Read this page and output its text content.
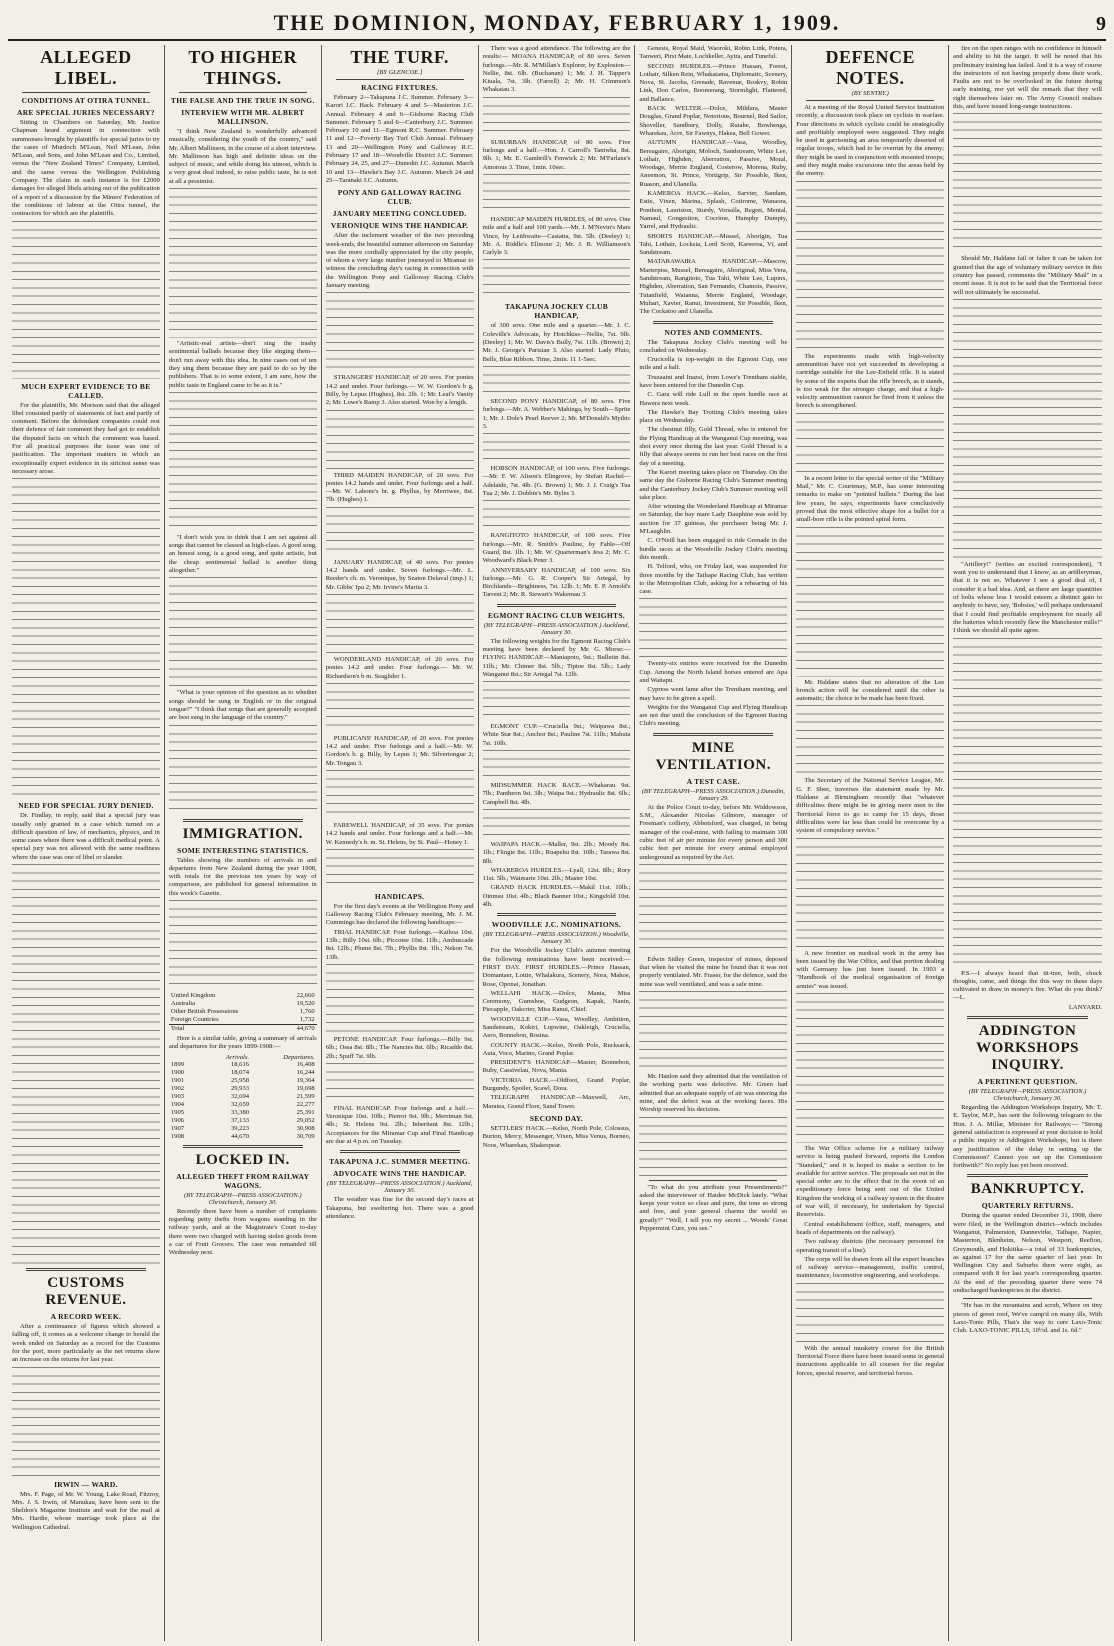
THE DOMINION, MONDAY, FEBRUARY 1, 1909.	9
ALLEGED LIBEL.
CONDITIONS AT OTIRA TUNNEL.
ARE SPECIAL JURIES NECESSARY?

Sitting in Chambers on Saturday, Mr. Justice Chapman heard argument in connection with summonses brought by plaintiffs for special juries to try the cases of Murdoch M'Lean, Neil M'Lean, John M'Lean, and Sons, and John M'Lean and Co., Limited, versus the "New Zealand Times" Company, Limited, and the same versus the Wellington Publishing Company. The claim in each instance is for £2000 damages for alleged libels arising out of the publication of a report of a discussion by the Miners' Federation of the conditions of labour at the Otira tunnel, the contractors for which are the plaintiffs.

MUCH EXPERT EVIDENCE TO BE CALLED.

For the plaintiffs, Mr. Morison said that the alleged libel consisted partly of statements of fact and partly of comment. Before the defendant companies could rest their defence of fair comment they had got to establish the disputed facts on which the comment was based. For all practical purposes the issue was one of justification. The important matters in which an exceptionally expert evidence in its strictest sense was necessary arose.

NEED FOR SPECIAL JURY DENIED.

Dr. Findlay, in reply, said that a special jury was usually only granted in a case which turned on a difficult question of law, of mechanics, physics, and in some cases where there was a difficult medical point. A special jury was not allowed with the same readiness where the case was one of libel or slander.

CUSTOMS REVENUE.
A RECORD WEEK.

After a continuance of figures which showed a falling off, it comes as a welcome change to herald the week ended on Saturday as a record for the Customs for the port, more particularly as the net returns show an increase on the returns for last year.

IRWIN — WARD.

Mrs. F. Page, of Mr. W. Young, Lake Road, Fitzroy, Mrs. J. S. Irwin, of Manukau, have been sent to the Sheldon's Magazine Institute and wait for the mail at Mrs. Hardie, whose marriage took place at the Wellington Cathedral.

TO HIGHER THINGS.
THE FALSE AND THE TRUE IN SONG.
INTERVIEW WITH MR. ALBERT MALLINSON.

"I think New Zealand is wonderfully advanced musically, considering the youth of the country," said Mr. Albert Mallinson, in the course of a short interview. Mr. Mallinson has high and definite ideas on the subject of music, and while doing his utmost, which is a very great deal indeed, to raise public taste, he is not at all a pessimist.

"Artistic-real artists—don't sing the trashy sentimental ballads because they like singing them—don't run away with this idea. In nine cases out of ten they sing them because they are paid to do so by the publishers. That is to some extent, I am sure, how the public taste in England came to be as it is."

"I don't wish you to think that I am set against all songs that cannot be classed as high-class. A good song, an honest song, is a good song, and quite artistic, but the cheap sentimental ballad is another thing altogether."

"What is your opinion of the question as to whether songs should be sung in English or in the original tongue?" "I think that songs that are generally accepted are best sung in the language of the country."

IMMIGRATION.
SOME INTERESTING STATISTICS.

Tables showing the numbers of arrivals in and departures from New Zealand during the year 1908, with totals for the previous ten years by way of comparison, are published for general information in this week's Gazette.

United Kingdom	22,660
Australia	19,520
Other British Possessions	1,760
Foreign Countries	1,732
Total	44,670

Here is a similar table, giving a summary of arrivals and departures for the years 1899-1908:—

	Arrivals.	Departures.
1899	18,616	16,408
1900	18,074	16,244
1901	25,958	19,364
1902	29,933	19,698
1903	32,694	21,599
1904	32,659	22,277
1905	33,380	25,391
1906	37,133	29,052
1907	39,223	30,908
1908	44,670	30,709
LOCKED IN.
ALLEGED THEFT FROM RAILWAY WAGONS.
(BY TELEGRAPH—PRESS ASSOCIATION.) Christchurch, January 30.

Recently there have been a number of complaints regarding petty thefts from wagons standing in the railway yards, and at the Magistrate's Court to-day there were two charged with having stolen goods from a car of Fruit Grocers. The case was remanded till Wednesday next.

THE TURF.
[BY GLENCOE.]
RACING FIXTURES.

February 2—Takapuna J.C. Summer. February 3—Karori J.C. Hack. February 4 and 5—Masterton J.C. Annual. February 4 and 6—Gisborne Racing Club Summer. February 5 and 6—Canterbury J.C. Summer. February 10 and 11—Egmont R.C. Summer. February 11 and 12—Foverty Bay Turf Club Annual. February 13 and 20—Wellington Pony and Galloway R.C. February 17 and 18—Woodville District J.C. Summer. February 24, 25, and 27—Dunedin J.C. Autumn. March 10 and 13—Hawke's Bay J.C. Autumn. March 24 and 25—Taranaki J.C. Autumn.

PONY AND GALLOWAY RACING CLUB.
JANUARY MEETING CONCLUDED.
VERONIQUE WINS THE HANDICAP.

After the inclement weather of the two preceding week-ends, the beautiful summer afternoon on Saturday was the more cordially appreciated by the city people, of whom a very large number journeyed to Miramar to witness the concluding day's racing in connection with the Wellington Pony and Galloway Racing Club's January meeting.

STRANGERS' HANDICAP, of 20 sovs. For ponies 14.2 and under. Four furlongs.— W. W. Gordon's b g, Billy, by Lepus (Hughes), 8st. 2lb. 1; Mr. Leaf's Vanity 2; Mr. Lowe's Ramp 3. Also started. Won by a length.

THIRD MAIDEN HANDICAP, of 20 sovs. For ponies 14.2 hands and under. Four furlongs and a half.—Mr. W. Labone's br. g. Phyllus, by Merriwee, 8st. 7lb. (Hughes) 1.

JANUARY HANDICAP, of 40 sovs. For ponies 14.2 hands and under. Seven furlongs.—Mr. L. Reeder's ch. m. Veronique, by Seaton Delaval (imp.) 1; Mr. Gibbs' Ipu 2; Mr. Irvine's Marita 3.

WONDERLAND HANDICAP, of 20 sovs. For ponies 14.2 and under. Four furlongs.— Mr. W. Richardson's b m. Seaglider 1.

PUBLICANS' HANDICAP, of 20 sovs. For ponies 14.2 and under. Five furlongs and a half.—Mr. W. Gordon's b. g. Billy, by Lepus 1; Mr. Silvertongue 2; Mr. Tongau 3.

FAREWELL HANDICAP, of 35 sovs. For ponies 14.2 hands and under. Four furlongs and a half.—Mr. W. Kennedy's b. m. St. Helens, by St. Paul—Honey 1.

HANDICAPS.

For the first day's events at the Wellington Pony and Galloway Racing Club's February meeting, Mr. J. M. Cummings has declared the following handicaps:—

TRIAL HANDICAP. Four furlongs.—Kaihoa 10st. 13lb.; Billy 10st. 6lb.; Piccotee 10st. 11lb.; Ambuscade 8st. 12lb.; Plume 8st. 7lb.; Phyllis 8st. 1lb.; Nekon 7st. 13lb.

PETONE HANDICAP. Four furlongs.—Billy 9st. 6lb.; Ossa 8st. 8lb.; The Nancies 8st. 6lb.; Ricaddo 8st. 2lb.; Spuff 7st. 9lb.

FINAL HANDICAP. Four furlongs and a half.—Veronique 10st. 10lb.; Pierrot 9st. 9lb.; Merriman 9st. 4lb.; St. Helens 9st. 2lb.; Inheritant 8st. 12lb.; Acceptances for the Miramar Cup and Final Handicap are due at 4 p.m. on Tuesday.

TAKAPUNA J.C. SUMMER MEETING.
ADVOCATE WINS THE HANDICAP.
(BY TELEGRAPH—PRESS ASSOCIATION.) Auckland, January 30.

The weather was fine for the second day's races at Takapuna, but sweltering hot. There was a good attendance.

There was a good attendance. The following are the results:— MOANA HANDICAP, of 80 sovs. Seven furlongs.—Mr. R. M'Millan's Explorer, by Explosion—Nellie, 8st. 6lb. (Buchanan) 1; Mr. J. H. Tapper's Kiuala, 7st. 3lb. (Farrell) 2; Mr. H. Crimmon's Whakatau 3.

SUBURBAN HANDICAP, of 80 sovs. Five furlongs and a half.—Hon. J. Carroll's Taniwha, 8st. 9lb. 1; Mr. E. Gambrill's Fenwick 2; Mr. M'Farlane's Amorous 3. Time, 1min. 10sec.

HANDICAP MAIDEN HURDLES, of 80 sovs. One mile and a half and 100 yards.—Mr. J. M'Nevin's Mars Vince, by Leithwaite—Castatta, 9st. 5lb. (Deeley) 1; Mr. A. Riddle's Ellmour 2; Mr. J. B. Williamson's Carlyle 3.

TAKAPUNA JOCKEY CLUB HANDICAP,

of 300 sovs. One mile and a quarter.—Mr. J. C. Coleville's Advocate, by Hotchkiss—Nellie, 7st. 9lb. (Deeley) 1; Mr. W. Davis's Bully, 7st. 11lb. (Brown) 2; Mr. J. George's Parisian 3. Also started: Lady Pluto, Bells, Blue Ribbon. Time, 2min. 11 1-5sec.

SECOND PONY HANDICAP, of 80 sovs. Five furlongs.—Mr. A. Webber's Mahinga, by South—Sprite 1; Mr. J. Dole's Pearl Reever 2; Mr. M'Donald's Mythic 3.

HOBSON HANDICAP, of 100 sovs. Five furlongs.—Mr. F. W. Alison's Elingrove, by Stefan Rachel—Adelaide, 7st. 4lb. (G. Brown) 1; Mr. J. J. Craig's Tua Tua 2; Mr. J. Dobbin's Mr. Byles 3.

RANGITOTO HANDICAP, of 100 sovs. Five furlongs.—Mr. R. Smith's Pauline, by Fable—Off Guard, 8st. 1lb. 1; Mr. W. Quarterman's Jess 2; Mr. C. Woodward's Black Peter 3.

ANNIVERSARY HANDICAP, of 100 sovs. Six furlongs.—Mr. G. R. Cooper's Sir Artegal, by Birchlands—Brightness, 7st. 12lb. 1; Mr. E. P. Arnold's Tarrent 2; Mr. R. Stewart's Wakemau 3.

EGMONT RACING CLUB WEIGHTS.
(BY TELEGRAPH—PRESS ASSOCIATION.) Auckland, January 30.

The following weights for the Egmont Racing Club's meeting have been declared by Mr. G. Morse:— FLYING HANDICAP.—Maniapoto, 9st.; Bulletin 8st. 11lb.; Mr. Chimer 8st. 5lb.; Tiptoe 8st. 5lb.; Lady Wanganui 8st.; Sir Artegal 7st. 12lb.

EGMONT CUP.—Cruciella 9st.; Waipawa 8st.; White Star 8st.; Anchor 8st.; Pauline 7st. 11lb.; Mahuta 7st. 10lb.

MIDSUMMER HACK RACE.—Whakarau 9st. 7lb.; Pantheon 9st. 3lb.; Waipa 9st.; Hydraulic 8st. 6lb.; Campbell 8st. 4lb.

WAIPAPA HACK.—Maller, 9st. 2lb.; Moody 8st. 1lb.; Flingie 8st. 11lb.; Ruapehu 8st. 10lb.; Tarawa 8st. 8lb.

WHAREROA HURDLES.—Lyall, 12st. 8lb.; Rory 11st. 5lb.; Waimarie 10st. 2lb.; Master 10st.

GRAND HACK HURDLES.—Makil 11st. 10lb.; Oinmsu 10st. 4lb.; Black Banner 10st.; Kingsfold 10st. 4lb.

WOODVILLE J.C. NOMINATIONS.
(BY TELEGRAPH—PRESS ASSOCIATION.) Woodville, January 30.

For the Woodville Jockey Club's autumn meeting the following nominations have been received:— FIRST DAY. FIRST HURDLES.—Prince Hassan, Domantaer, Lottie, Whalakura, Scenery, Nora, Mahoe, Rose, Oponai, Jonathan.

WELLAHI HACK.—Dolce, Mania, Miss Ceremony, Gumshoe, Gudgeon, Kapak, Nanin, Piecapple, Oakcrier, Miss Ranui, Chief.

WOODVILLE CUP.—Vasa, Woodley, Ambition, Sandstream, Kokiri, Lupwine, Oakleigh, Cruciella, Aero, Bonnebon, Rosina.

COUNTY HACK.—Kelso, North Pole, Rucksack, Auta, Voco, Marino, Grand Poplar.

PRESIDENT'S HANDICAP.—Master, Bonnebon, Ruby, Cassivelau, Nova, Mania.

VICTORIA HACK.—Oldfoot, Grand Poplar, Burgundy, Spoiler, Scawl, Dora.

TELEGRAPH HANDICAP.—Maxwell, Arc, Maratea, Grand Flore, Sand Tower.

SECOND DAY.

SETTLERS' HACK.—Kelso, North Pole, Colossus, Burton, Mercy, Messenger, Vixen, Miss Venus, Borneo, Noos, Wharekau, Shakespear.

Genesis, Royal Maid, Waoroki, Robin Link, Potera, Tanweri, Pirst Mate, Lochkeller, Ayira, and Tuneful.

SECOND HURDLES.—Prince Hassan, Forest, Lothair, Silken Rein, Whakatama, Diplomatic, Scenery, Nova, St. Jacoba, Grenade, Ravenue, Roskvy, Robin Link, Don Carlos, Boomerang, Stormlight, Flattered, and Ballance.

BACK WELTER.—Dolce, Mildura, Master Douglas, Grand Poplar, Notorious, Bournel, Red Sailor, Shoveller, Sandbury, Dolly, Ruiahe, Bowhenga, Wharekau, Acre, Sir Fawnys, Hakea, Bell Gower.

AUTUMN HANDICAP.—Vasa, Woodley, Bereagaire, Aborigin, Moloch, Sandstream, White Lee, Lothair, Highden, Aberration, Passive, Moral, Woodage, Merrie England, Costerow, Morena, Ruby, Aneemon, St. Prince, Vortigrip, Sir Possible, Iken, Ruason, and Ulanella.

KAMEROA HACK.—Kelso, Sarvier, Sandam, Estie, Vixen, Marina, Splash, Cotirome, Wanaora, Ponthon, Lauriston, Sturdy, Vorsalla, Regret, Mental, Namaul, Congestion, Cocrime, Humphy Dumpty, Yarrel, and Hydraulic.

SHORTS HANDICAP.—Mussel, Aborigin, Tua Tahi, Lothair, Locksia, Lord Scott, Kareeroa, Vi, and Sandstream.

MATARAWAIRA HANDICAP.—Mascow, Marterpiss, Mussel, Bereagaire, Aboriginal, Miss Vera, Sandstream, Rangitoto, Tua Tahi, White Lee, Lupinx, Highden, Aberration, San Fernando, Chamois, Passive, Tutanfield, Waianna, Merrie England, Woodage, Muhari, Xavier, Ranui, Investment, Sir Possible, Iken, The Cockatoo and Ulanella.

NOTES AND COMMENTS.

The Takapuna Jockey Club's meeting will be concluded on Wednesday.

Crucicella is top-weight in the Egmont Cup, one mile and a half.

Truzaaini and Inazsi, from Lowe's Trentham stable, have been entered for the Dunedin Cup.

C. Gara will ride Lull in the open hurdle race at Hawera next week.

The Hawke's Bay Trotting Club's meeting takes place on Wednesday.

The chestnut filly, Gold Thread, who is entered for the Flying Handicap at the Wanganui Cup meeting, was shot every once during the last year. Gold Thread is a filly that always seems to run her best races on the first day of a meeting.

The Karori meeting takes place on Thursday. On the same day the Gisborne Racing Club's Summer meeting and the Canterbury Jockey Club's Summer meeting will take place.

After winning the Wonderland Handicap at Miramar on Saturday, the bay mare Lady Dauphine was sold by auction for 37 guineas, the purchaser being Mr. J. M'Laughlin.

C. O'Neill has been engaged to ride Grenade in the hurdle races at the Woodville Jockey Club's meeting this month.

H. Telford, who, on Friday last, was suspended for three months by the Taihape Racing Club, has written to the Metropolitan Club, asking for a rehearing of his case.

Twenty-six entries were received for the Dunedin Cup. Among the North Island horses entered are Apa and Waitapu.

Cypress went lame after the Trentham meeting, and may have to be given a spell.

Weights for the Wanganui Cup and Flying Handicap are not due until the conclusion of the Egmont Racing Club's meeting.

MINE VENTILATION.
A TEST CASE.
(BY TELEGRAPH—PRESS ASSOCIATION.) Dunedin, January 29.

At the Police Court to-day, before Mr. Widdowson, S.M., Alexander Nicolas Gilmore, manager of Freeman's colliery, Abbotsford, was charged, in being manager of the coal-mine, with failing to maintain 100 cubic feet of air per minute for every person and 300 cubic feet per minute for every animal employed underground as required by the Act.

Edwin Sidley Green, inspector of mines, deposed that when he visited the mine he found that it was not properly ventilated. Mr. Fraser, for the defence, said the mine was well ventilated, and was a safe mine.

Mr. Hanlon said they admitted that the ventilation of the working parts was defective. Mr. Green had admitted that an adequate supply of air was entering the mine, and the defect was at the working faces. His Worship reserved his decision.

"To what do you attribute your Presentiments?" asked the interviewer of Haidee McDick lately. "What keeps your voice so clear and pure, the tone so strong and free, and your general charms the world so greatly?" "Well, I tell you my secret ... Woods' Great Peppermint Cure, you see."

DEFENCE NOTES.
(BY SENTRY.)

At a meeting of the Royal United Service Institution recently, a discussion took place on cyclists in warfare. Four directions in which cyclists could be strategically and profitably employed were suggested. They might be used in garrisoning an area temporarily deserted of regular troops, which had to be overrun by the enemy; they might be used in conjunction with mounted troops; and they might make excursions into the areas held by the enemy.

The experiments made with high-velocity ammunition have not yet succeeded in developing a cartridge suitable for the Lee-Enfield rifle. It is stated by some of the experts that the rifle breech, as it stands, is too weak for the stronger charge, and that a high-velocity ammunition cannot be fired from it unless the breech is strengthened.

In a recent letter to the special writer of the "Military Mail," Mr. C. Courtenay, M.P., has some interesting remarks to make on "pointed bullets." During the last few years, he says, experiments have conclusively proved that the most effective shape for a bullet for a small-bore rifle is the pointed spiral form.

Mr. Haldane states that no alteration of the Lee bronch action will be considered until the other is automatic; the choice to be made has been fixed.

The Secretary of the National Service League, Mr. G. F. Shee, traverses the statement made by Mr. Haldane at Birmingham recently that "whatever difficulties there might be in giving more men to the Territorial force to go to camp for 15 days, those difficulties were far less than could be overcome by a system of compulsory service."

A new frontier on medical work in the army has been issued by the War Office, and that portion dealing with Germany has just been issued. In 1903 a "Handbook of the medical organisation of foreign armies" was issued.

The War Office scheme for a military railway service is being pushed forward, reports the London "Standard," and it is hoped to make a section to be available for active service. The proposals set out in the special order are to the effect that in the event of an expeditionary force being sent out of the United Kingdom the working of a railway system in the theatre of war will, if necessary, be undertaken by Special Reservists.

Central establishment (office, staff, managers, and heads of departments on the railway).

Two railway districts (the necessary personnel for operating transit of a line).

The corps will be drawn from all the expert branches of railway service—management, traffic control, maintenance, locomotive engineering, and workshops.

With the annual musketry course for the British Territorial Force there have been issued some in general instructions applicable to all courses for the regular forces, special reserve, and territorial forces.

fire on the open ranges with no confidence in himself and ability to hit the target. It will be noted that his preliminary training has failed. And it is a way of course the instructors of not having properly done their work. Faults are not to be overlooked in the future during early training, nor yet will the remark that they will right themselves later on. The Army Council realises this, and have issued long-range instructions.

Should Mr. Haldane fail or falter it can be taken for granted that the age of voluntary military service in this country has passed, comments the "Military Mail" in a recent issue. It is not to be said that the Territorial force will not ultimately be successful.

"Artillery!" (writes an excited correspondent), "I want you to understand that I know, as an artilleryman, that it is not so. Whatever I see a good deal of, I consider it a bad idea. And, as there are large quantities of bolts whose less I would esteem a distinct gain to anybody to have, say, 'Bobsies,' will perhaps understand that I could find profitable employment for nearly all the batteries which recently flew the Manchester mills!" I think we should all quite agree.

P.S.—I always heard that tit-tree, both, chuck thoughts, came, and things the this way in these days cultivated to draw in money's fire. What do you think?—L.

LANYARD.
ADDINGTON WORKSHOPS INQUIRY.
A PERTINENT QUESTION.
(BY TELEGRAPH—PRESS ASSOCIATION.) Christchurch, January 30.

Regarding the Addington Workshops Inquiry, Mr. T. E. Taylor, M.P., has sent the following telegram to the Hon. J. A. Millar, Minister for Railways:— "Strong general satisfaction is expressed at your decision to hold a public inquiry re Addington Workshops, but is there any justification of the delay in setting up the Commission? Cannot you set up the Commission forthwith?" No reply has yet been received.

BANKRUPTCY.
QUARTERLY RETURNS.

During the quarter ended December 31, 1908, there were filed, in the Wellington district—which includes Wanganui, Palmerston, Dannevirke, Taihape, Napier, Masterton, Blenheim, Nelson, Westport, Reefton, Greymouth, and Hokitika—a total of 33 bankruptcies, as against 17 for the same quarter of last year. In Wellington City and Suburbs there were eight, as compared with 8 for last year's corresponding quarter. At the end of the preceding quarter there were 74 undischarged bankruptcies in the district.

"He has in the mountains and scrub, Where on tiny pieces of green roof, We've camp'd on many ills, With Laxo-Tonic Pills, That's the way to cure Laxo-Tonic Club. LAXO-TONIC PILLS, 10½d. and 1s. 6d."
